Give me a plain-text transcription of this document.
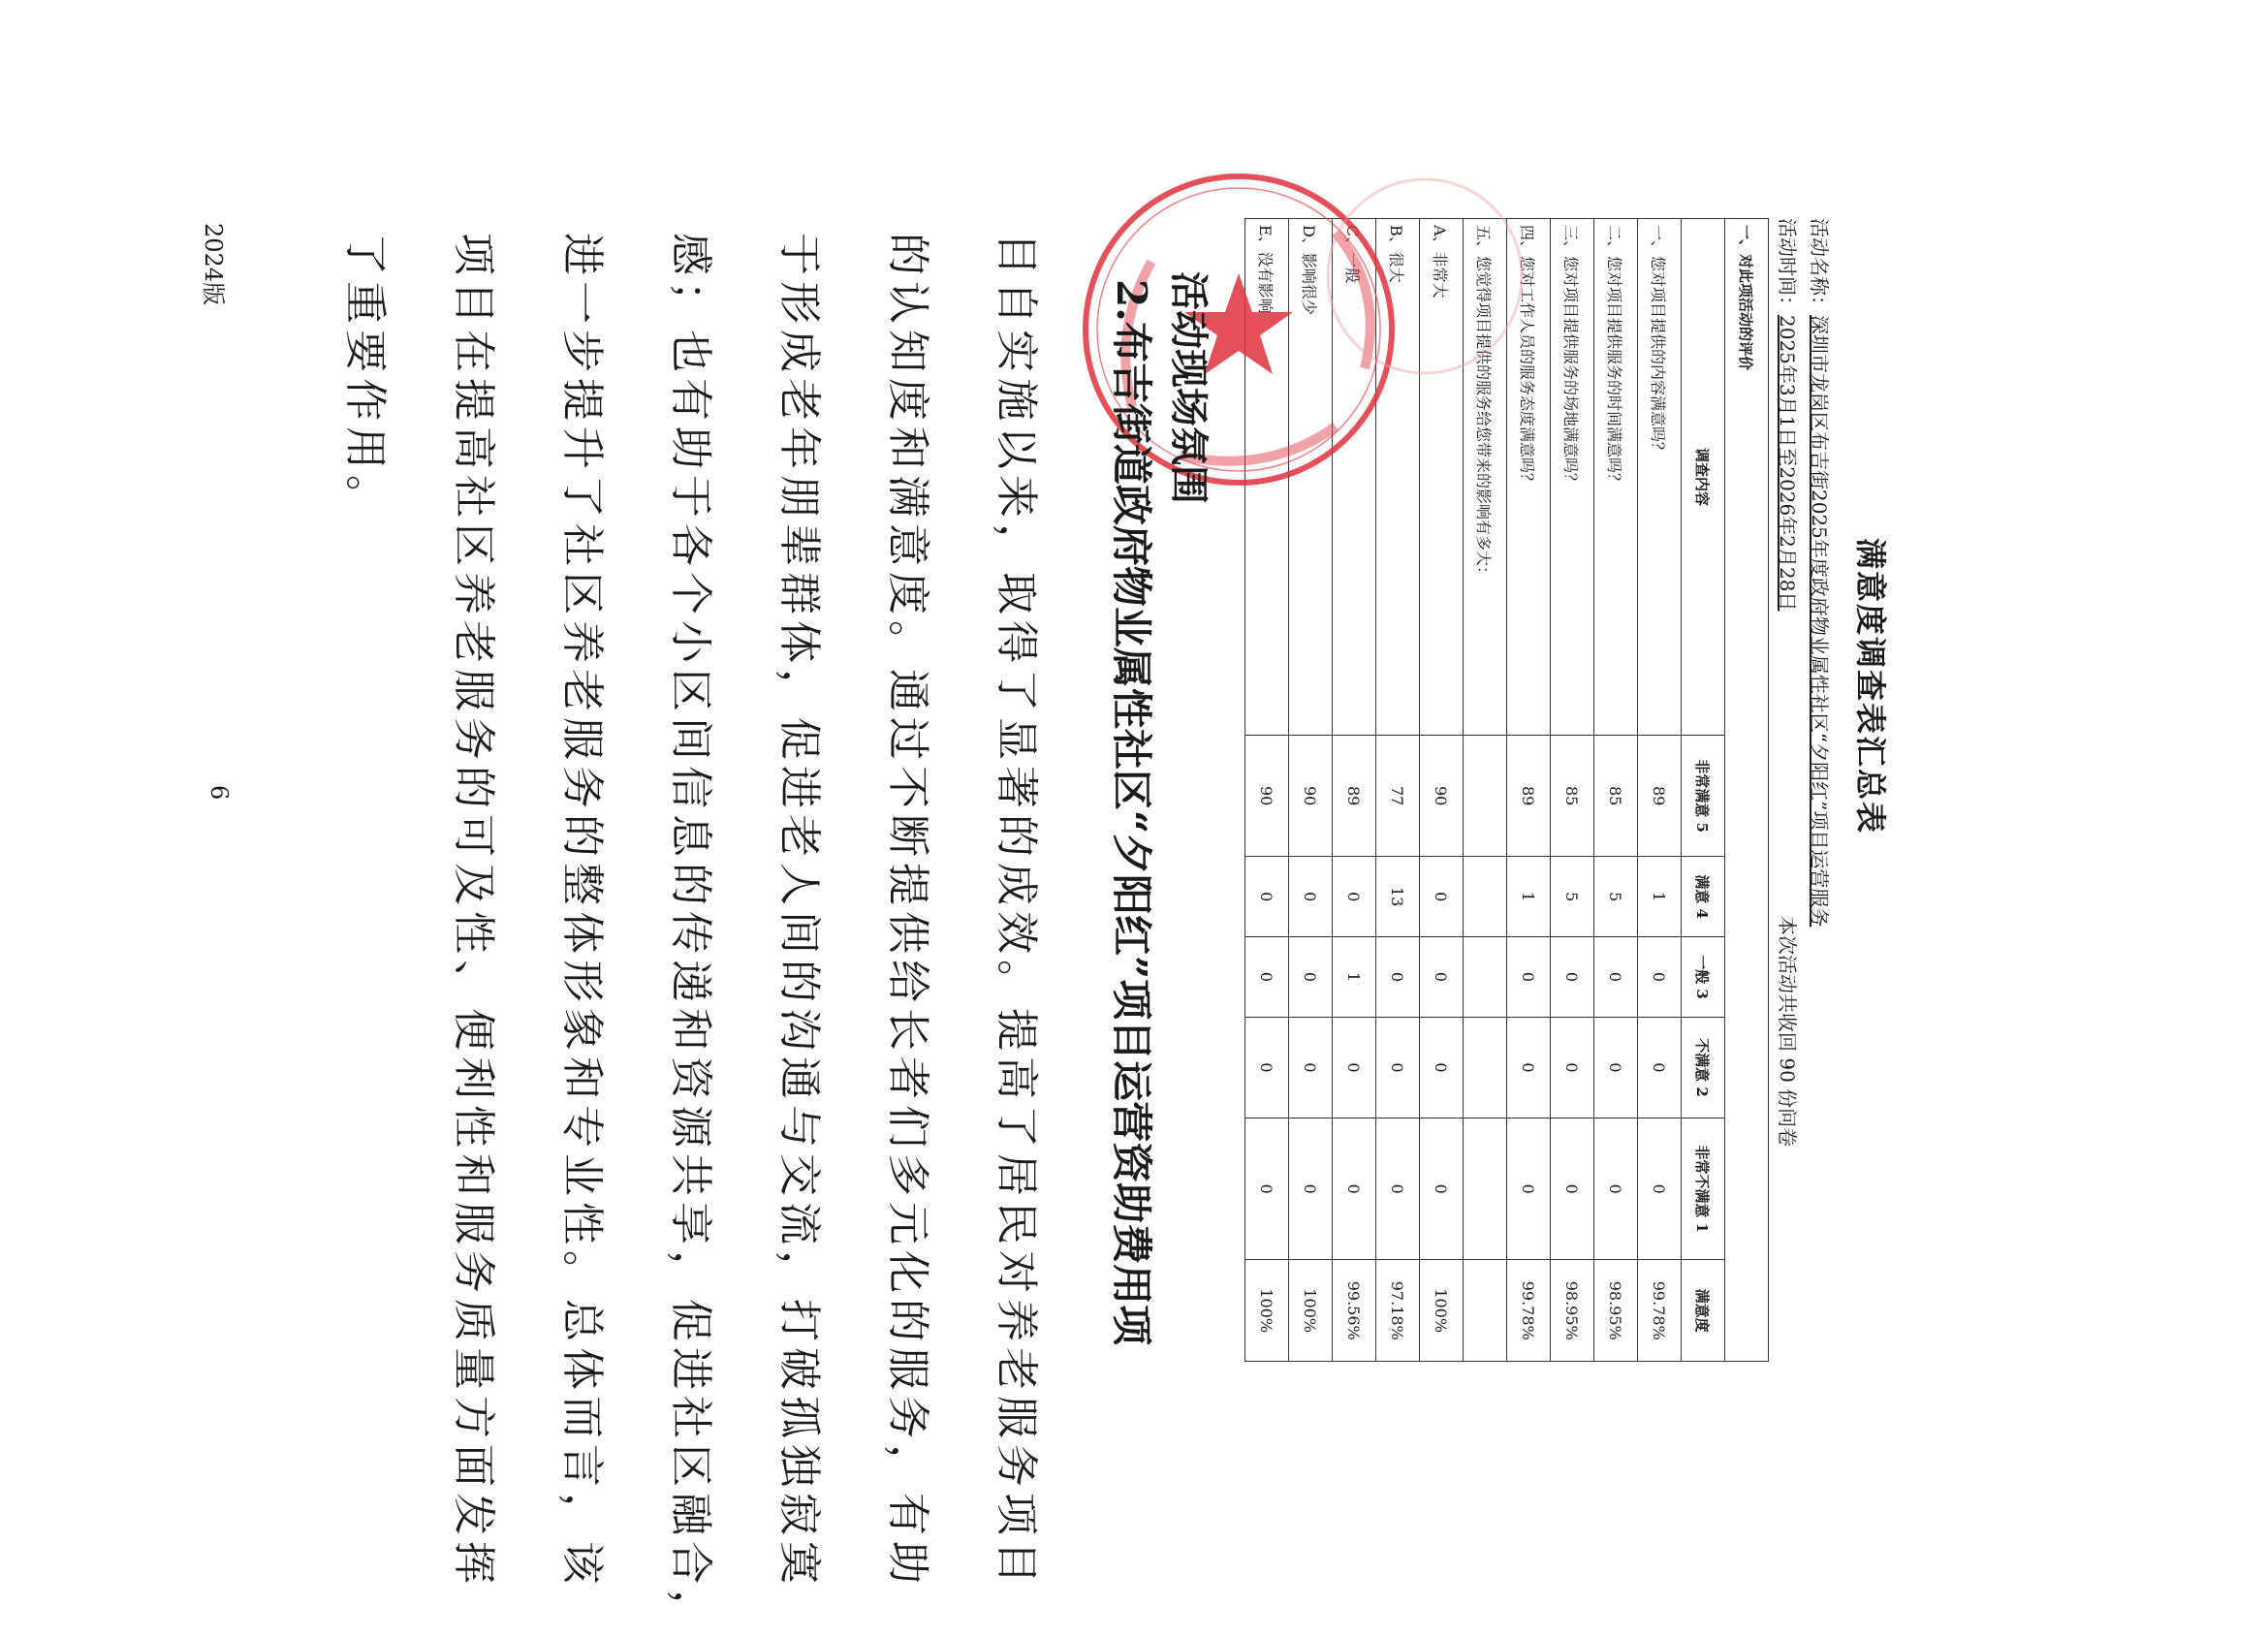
满意度调查表汇总表
活动名称：深圳市龙岗区布吉街2025年度政府物业属性社区“夕阳红”项目运营服务
活动时间：2025年3月1日至2026年2月28日
本次活动共收回 90 份问卷
一、对此项活动的评价						
调查内容	非常满意 5	满意 4	一般 3	不满意 2	非常不满意 1	满意度
一、您对项目提供的内容满意吗？	89	1	0	0	0	99.78%
二、您对项目提供服务的时间满意吗？	85	5	0	0	0	98.95%
三、您对项目提供服务的场地满意吗？	85	5	0	0	0	98.95%
四、您对工作人员的服务态度满意吗？	89	1	0	0	0	99.78%
五、您觉得项目提供的服务给您带来的影响有多大：						
A、非常大	90	0	0	0	0	100%
B、很大	77	13	0	0	0	97.18%
C、一般	89	0	1	0	0	99.56%
D、影响很少	90	0	0	0	0	100%
E、没有影响	90	0	0	0	0	100%
2.布吉街道政府物业属性社区“夕阳红”项目运营资助费用项 活动现场氛围
目自实施以来，取得了显著的成效。提高了居民对养老服务项目
的认知度和满意度。通过不断提供给长者们多元化的服务，有助
于形成老年朋辈群体，促进老人间的沟通与交流，打破孤独寂寞
感；也有助于各个小区间信息的传递和资源共享，促进社区融合，
进一步提升了社区养老服务的整体形象和专业性。总体而言，该
项目在提高社区养老服务的可及性、便利性和服务质量方面发挥
了重要作用。
2024版
6
